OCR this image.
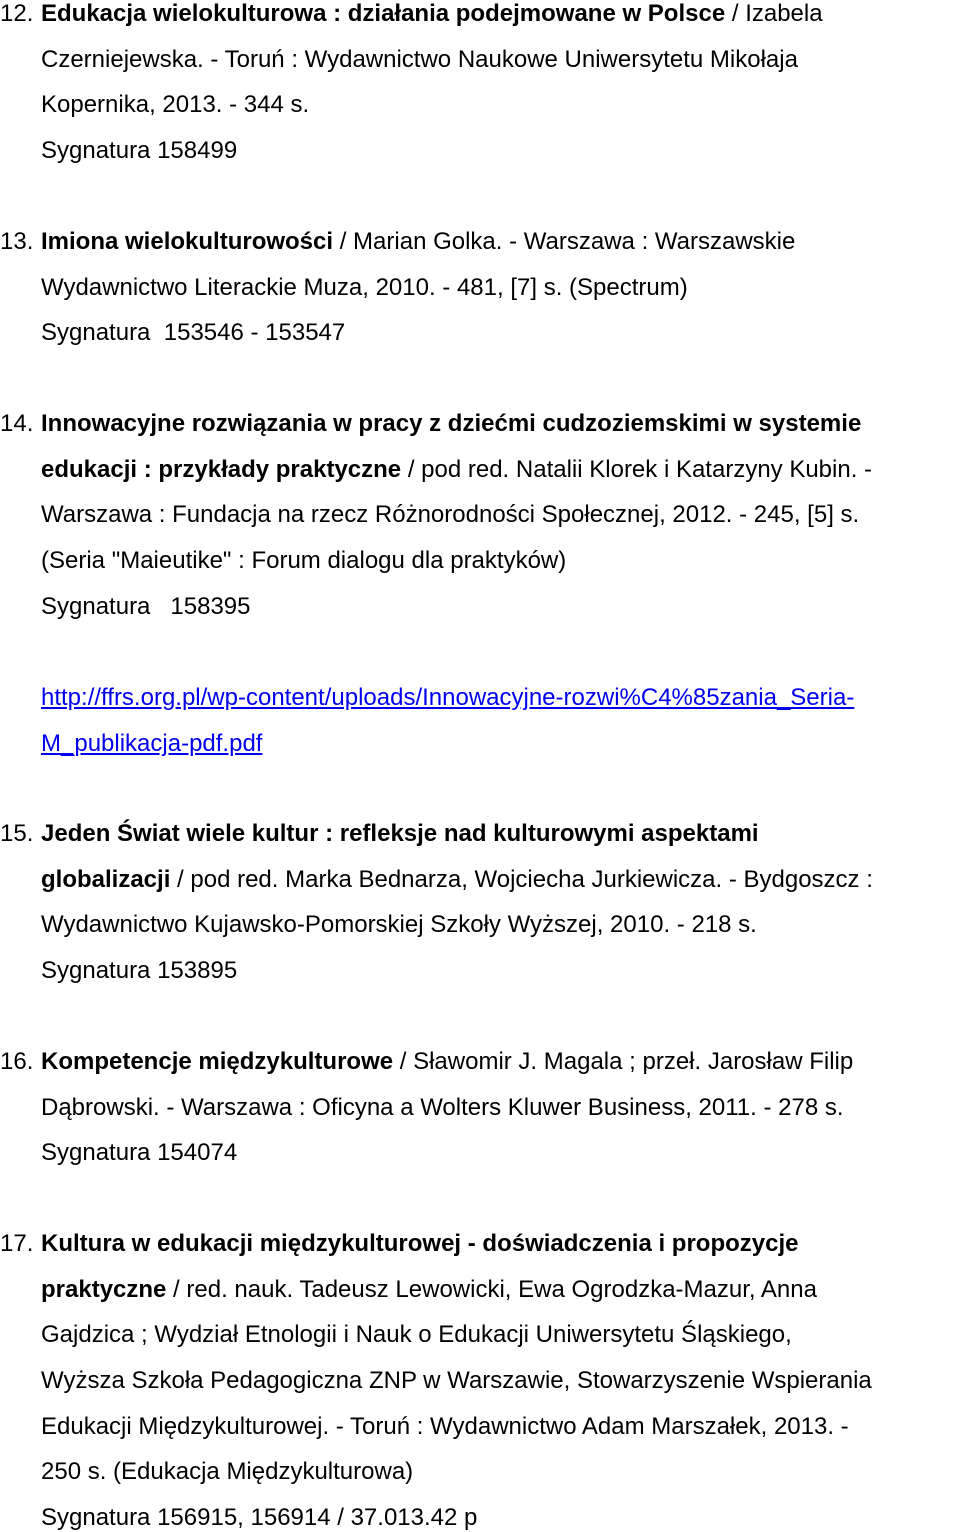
12. Edukacja wielokulturowa : działania podejmowane w Polsce / Izabela
Czerniejewska. - Toruń : Wydawnictwo Naukowe Uniwersytetu Mikołaja
Kopernika, 2013. - 344 s.
Sygnatura 158499
13. Imiona wielokulturowości / Marian Golka. - Warszawa : Warszawskie
Wydawnictwo Literackie Muza, 2010. - 481, [7] s. (Spectrum)
Sygnatura  153546 - 153547
14. Innowacyjne rozwiązania w pracy z dziećmi cudzoziemskimi w systemie
edukacji : przykłady praktyczne / pod red. Natalii Klorek i Katarzyny Kubin. -
Warszawa : Fundacja na rzecz Różnorodności Społecznej, 2012. - 245, [5] s.
(Seria "Maieutike" : Forum dialogu dla praktyków)
Sygnatura   158395
http://ffrs.org.pl/wp-content/uploads/Innowacyjne-rozwi%C4%85zania_Seria-
M_publikacja-pdf.pdf
15. Jeden Świat wiele kultur : refleksje nad kulturowymi aspektami
globalizacji / pod red. Marka Bednarza, Wojciecha Jurkiewicza. - Bydgoszcz :
Wydawnictwo Kujawsko-Pomorskiej Szkoły Wyższej, 2010. - 218 s.
Sygnatura 153895
16. Kompetencje międzykulturowe / Sławomir J. Magala ; przeł. Jarosław Filip
Dąbrowski. - Warszawa : Oficyna a Wolters Kluwer Business, 2011. - 278 s.
Sygnatura 154074
17. Kultura w edukacji międzykulturowej - doświadczenia i propozycje
praktyczne / red. nauk. Tadeusz Lewowicki, Ewa Ogrodzka-Mazur, Anna
Gajdzica ; Wydział Etnologii i Nauk o Edukacji Uniwersytetu Śląskiego,
Wyższa Szkoła Pedagogiczna ZNP w Warszawie, Stowarzyszenie Wspierania
Edukacji Międzykulturowej. - Toruń : Wydawnictwo Adam Marszałek, 2013. -
250 s. (Edukacja Międzykulturowa)
Sygnatura 156915, 156914 / 37.013.42 p
